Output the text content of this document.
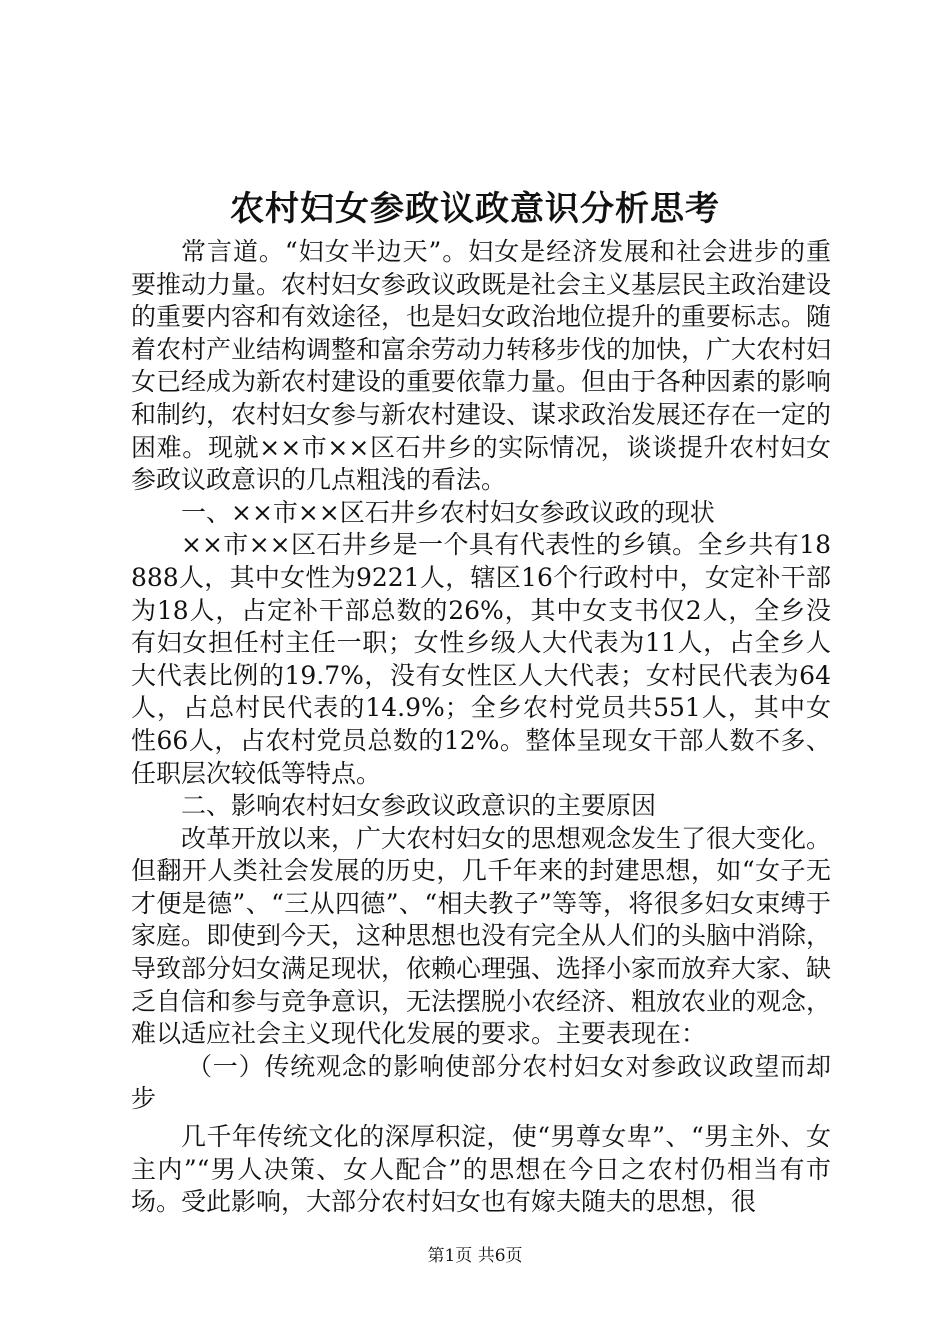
农村妇女参政议政意识分析思考

常言道。“妇女半边天”。妇女是经济发展和社会进步的重要推动力量。农村妇女参政议政既是社会主义基层民主政治建设的重要内容和有效途径，也是妇女政治地位提升的重要标志。随着农村产业结构调整和富余劳动力转移步伐的加快，广大农村妇女已经成为新农村建设的重要依靠力量。但由于各种因素的影响和制约，农村妇女参与新农村建设、谋求政治发展还存在一定的困难。现就××市××区石井乡的实际情况，谈谈提升农村妇女参政议政意识的几点粗浅的看法。

一、××市××区石井乡农村妇女参政议政的现状

××市××区石井乡是一个具有代表性的乡镇。全乡共有18888人，其中女性为9221人，辖区16个行政村中，女定补干部为18人，占定补干部总数的26%，其中女支书仅2人，全乡没有妇女担任村主任一职；女性乡级人大代表为11人，占全乡人大代表比例的19.7%，没有女性区人大代表；女村民代表为64人，占总村民代表的14.9%；全乡农村党员共551人，其中女性66人，占农村党员总数的12%。整体呈现女干部人数不多、任职层次较低等特点。

二、影响农村妇女参政议政意识的主要原因

改革开放以来，广大农村妇女的思想观念发生了很大变化。但翻开人类社会发展的历史，几千年来的封建思想，如“女子无才便是德”、“三从四德”、“相夫教子”等等，将很多妇女束缚于家庭。即使到今天，这种思想也没有完全从人们的头脑中消除，导致部分妇女满足现状，依赖心理强、选择小家而放弃大家、缺乏自信和参与竞争意识，无法摆脱小农经济、粗放农业的观念，难以适应社会主义现代化发展的要求。主要表现在：

（一）传统观念的影响使部分农村妇女对参政议政望而却步

几千年传统文化的深厚积淀，使“男尊女卑”、“男主外、女主内”“男人决策、女人配合”的思想在今日之农村仍相当有市场。受此影响，大部分农村妇女也有嫁夫随夫的思想，很

第1页 共6页
